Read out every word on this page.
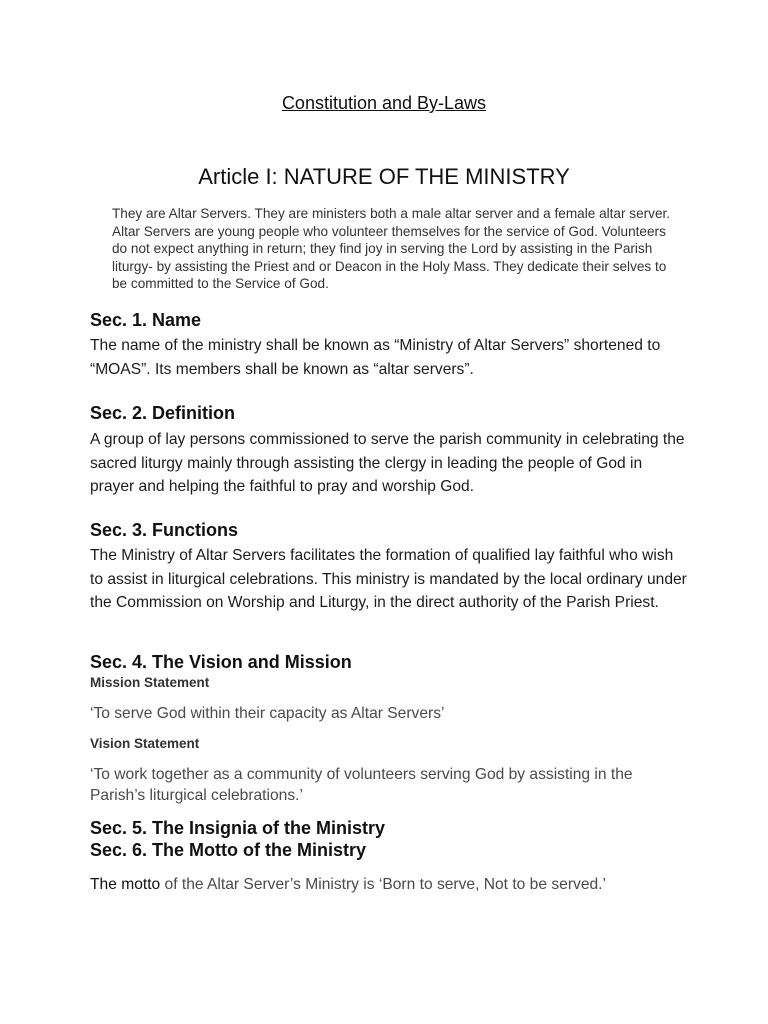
Constitution and By-Laws
Article I: NATURE OF THE MINISTRY
They are Altar Servers. They are ministers both a male altar server and a female altar server. Altar Servers are young people who volunteer themselves for the service of God. Volunteers do not expect anything in return; they find joy in serving the Lord by assisting in the Parish liturgy- by assisting the Priest and or Deacon in the Holy Mass. They dedicate their selves to be committed to the Service of God.
Sec. 1. Name
The name of the ministry shall be known as “Ministry of Altar Servers” shortened to “MOAS”. Its members shall be known as “altar servers”.
Sec. 2. Definition
A group of lay persons commissioned to serve the parish community in celebrating the sacred liturgy mainly through assisting the clergy in leading the people of God in prayer and helping the faithful to pray and worship God.
Sec. 3. Functions
The Ministry of Altar Servers facilitates the formation of qualified lay faithful who wish to assist in liturgical celebrations. This ministry is mandated by the local ordinary under the Commission on Worship and Liturgy, in the direct authority of the Parish Priest.
Sec. 4. The Vision and Mission
Mission Statement
‘To serve God within their capacity as Altar Servers’
Vision Statement
‘To work together as a community of volunteers serving God by assisting in the Parish’s liturgical celebrations.’
Sec. 5. The Insignia of the Ministry
Sec. 6. The Motto of the Ministry
The motto of the Altar Server’s Ministry is ‘Born to serve, Not to be served.’
